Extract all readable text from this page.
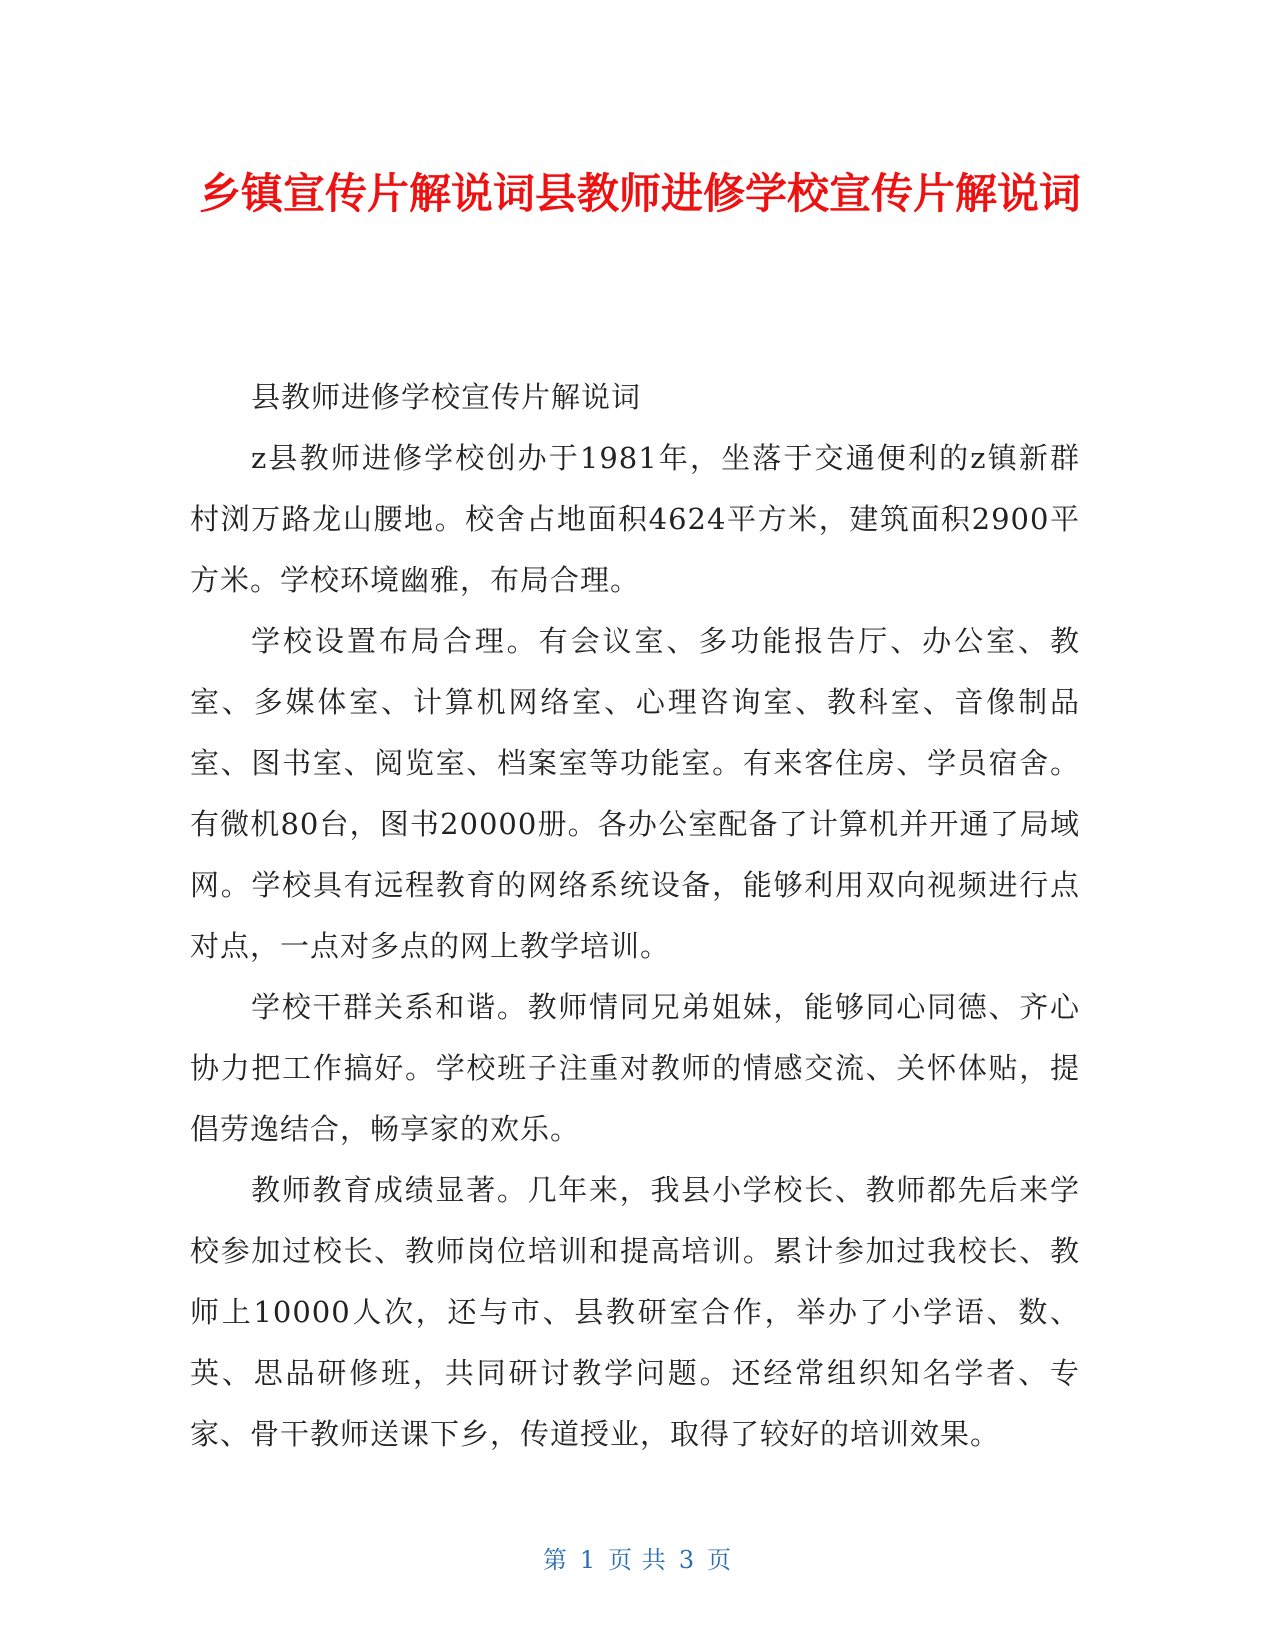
乡镇宣传片解说词县教师进修学校宣传片解说词

县教师进修学校宣传片解说词

z县教师进修学校创办于1981年，坐落于交通便利的z镇新群村浏万路龙山腰地。校舍占地面积4624平方米，建筑面积2900平方米。学校环境幽雅，布局合理。

学校设置布局合理。有会议室、多功能报告厅、办公室、教室、多媒体室、计算机网络室、心理咨询室、教科室、音像制品室、图书室、阅览室、档案室等功能室。有来客住房、学员宿舍。有微机80台，图书20000册。各办公室配备了计算机并开通了局域网。学校具有远程教育的网络系统设备，能够利用双向视频进行点对点，一点对多点的网上教学培训。

学校干群关系和谐。教师情同兄弟姐妹，能够同心同德、齐心协力把工作搞好。学校班子注重对教师的情感交流、关怀体贴，提倡劳逸结合，畅享家的欢乐。

教师教育成绩显著。几年来，我县小学校长、教师都先后来学校参加过校长、教师岗位培训和提高培训。累计参加过我校长、教师上10000人次，还与市、县教研室合作，举办了小学语、数、英、思品研修班，共同研讨教学问题。还经常组织知名学者、专家、骨干教师送课下乡，传道授业，取得了较好的培训效果。

第 1 页 共 3 页
